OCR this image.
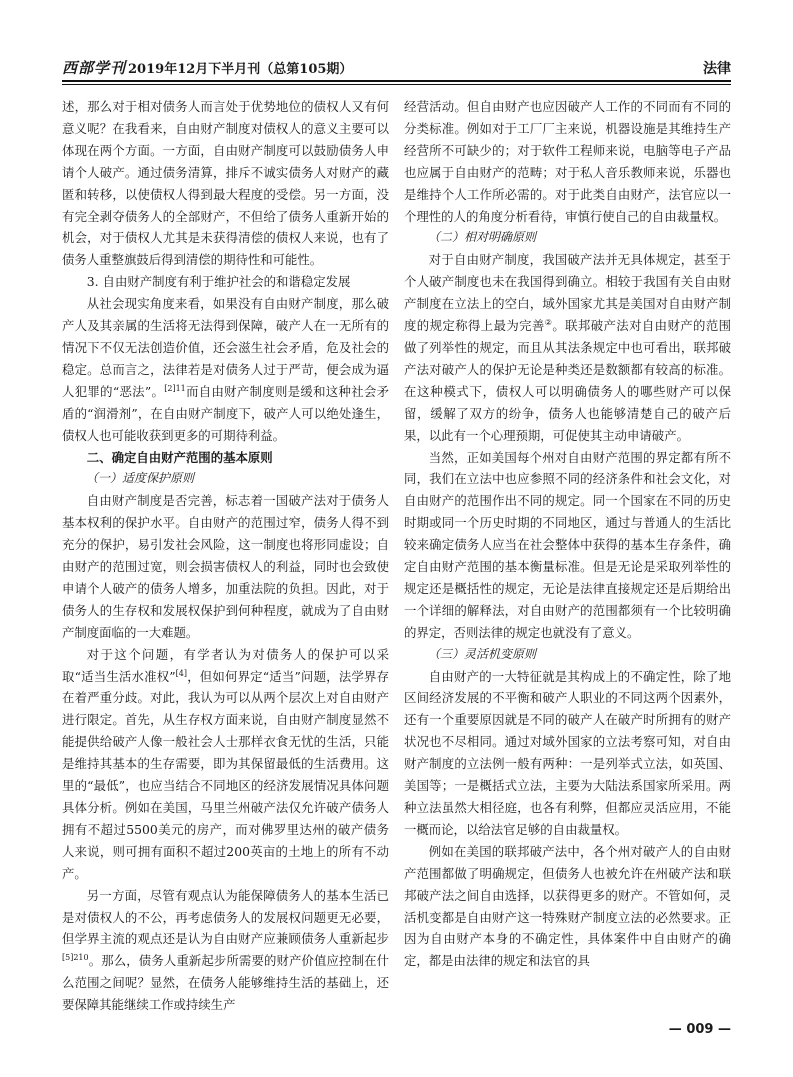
西部学刊 2019年12月下半月刊（总第105期）	法律

述，那么对于相对债务人而言处于优势地位的债权人又有何意义呢？在我看来，自由财产制度对债权人的意义主要可以体现在两个方面。一方面，自由财产制度可以鼓励债务人申请个人破产。通过债务清算，排斥不诚实债务人对财产的藏匿和转移，以使债权人得到最大程度的受偿。另一方面，没有完全剥夺债务人的全部财产，不但给了债务人重新开始的机会，对于债权人尤其是未获得清偿的债权人来说，也有了债务人重整旗鼓后得到清偿的期待性和可能性。

3. 自由财产制度有利于维护社会的和谐稳定发展

从社会现实角度来看，如果没有自由财产制度，那么破产人及其亲属的生活将无法得到保障，破产人在一无所有的情况下不仅无法创造价值，还会滋生社会矛盾，危及社会的稳定。总而言之，法律若是对债务人过于严苛，便会成为逼人犯罪的“恶法”。$^{[2]11}$而自由财产制度则是缓和这种社会矛盾的“润滑剂”，在自由财产制度下，破产人可以绝处逢生，债权人也可能收获到更多的可期待利益。

二、确定自由财产范围的基本原则

（一）适度保护原则

自由财产制度是否完善，标志着一国破产法对于债务人基本权利的保护水平。自由财产的范围过窄，债务人得不到充分的保护，易引发社会风险，这一制度也将形同虚设；自由财产的范围过宽，则会损害债权人的利益，同时也会致使申请个人破产的债务人增多，加重法院的负担。因此，对于债务人的生存权和发展权保护到何种程度，就成为了自由财产制度面临的一大难题。

对于这个问题，有学者认为对债务人的保护可以采取“适当生活水准权”[4]，但如何界定“适当”问题，法学界存在着严重分歧。对此，我认为可以从两个层次上对自由财产进行限定。首先，从生存权方面来说，自由财产制度显然不能提供给破产人像一般社会人士那样衣食无忧的生活，只能是维持其基本的生存需要，即为其保留最低的生活费用。这里的“最低”，也应当结合不同地区的经济发展情况具体问题具体分析。例如在美国，马里兰州破产法仅允许破产债务人拥有不超过5500美元的房产，而对佛罗里达州的破产债务人来说，则可拥有面积不超过200英亩的土地上的所有不动产。

另一方面，尽管有观点认为能保障债务人的基本生活已是对债权人的不公，再考虑债务人的发展权问题更无必要，但学界主流的观点还是认为自由财产应兼顾债务人重新起步$^{[5]210}$。那么，债务人重新起步所需要的财产价值应控制在什么范围之间呢？显然，在债务人能够维持生活的基础上，还要保障其能继续工作或持续生产

经营活动。但自由财产也应因破产人工作的不同而有不同的分类标准。例如对于工厂厂主来说，机器设施是其维持生产经营所不可缺少的；对于软件工程师来说，电脑等电子产品也应属于自由财产的范畴；对于私人音乐教师来说，乐器也是维持个人工作所必需的。对于此类自由财产，法官应以一个理性的人的角度分析看待，审慎行使自己的自由裁量权。

（二）相对明确原则

对于自由财产制度，我国破产法并无具体规定，甚至于个人破产制度也未在我国得到确立。相较于我国有关自由财产制度在立法上的空白，域外国家尤其是美国对自由财产制度的规定称得上最为完善②。联邦破产法对自由财产的范围做了列举性的规定，而且从其法条规定中也可看出，联邦破产法对破产人的保护无论是种类还是数额都有较高的标准。在这种模式下，债权人可以明确债务人的哪些财产可以保留，缓解了双方的纷争，债务人也能够清楚自己的破产后果，以此有一个心理预期，可促使其主动申请破产。

当然，正如美国每个州对自由财产范围的界定都有所不同，我们在立法中也应参照不同的经济条件和社会文化，对自由财产的范围作出不同的规定。同一个国家在不同的历史时期或同一个历史时期的不同地区，通过与普通人的生活比较来确定债务人应当在社会整体中获得的基本生存条件，确定自由财产范围的基本衡量标准。但是无论是采取列举性的规定还是概括性的规定，无论是法律直接规定还是后期给出一个详细的解释法，对自由财产的范围都须有一个比较明确的界定，否则法律的规定也就没有了意义。

（三）灵活机变原则

自由财产的一大特征就是其构成上的不确定性，除了地区间经济发展的不平衡和破产人职业的不同这两个因素外，还有一个重要原因就是不同的破产人在破产时所拥有的财产状况也不尽相同。通过对域外国家的立法考察可知，对自由财产制度的立法例一般有两种：一是列举式立法，如英国、美国等；一是概括式立法，主要为大陆法系国家所采用。两种立法虽然大相径庭，也各有利弊，但都应灵活应用，不能一概而论，以给法官足够的自由裁量权。

例如在美国的联邦破产法中，各个州对破产人的自由财产范围都做了明确规定，但债务人也被允许在州破产法和联邦破产法之间自由选择，以获得更多的财产。不管如何，灵活机变都是自由财产这一特殊财产制度立法的必然要求。正因为自由财产本身的不确定性，具体案件中自由财产的确定，都是由法律的规定和法官的具

— 009 —
